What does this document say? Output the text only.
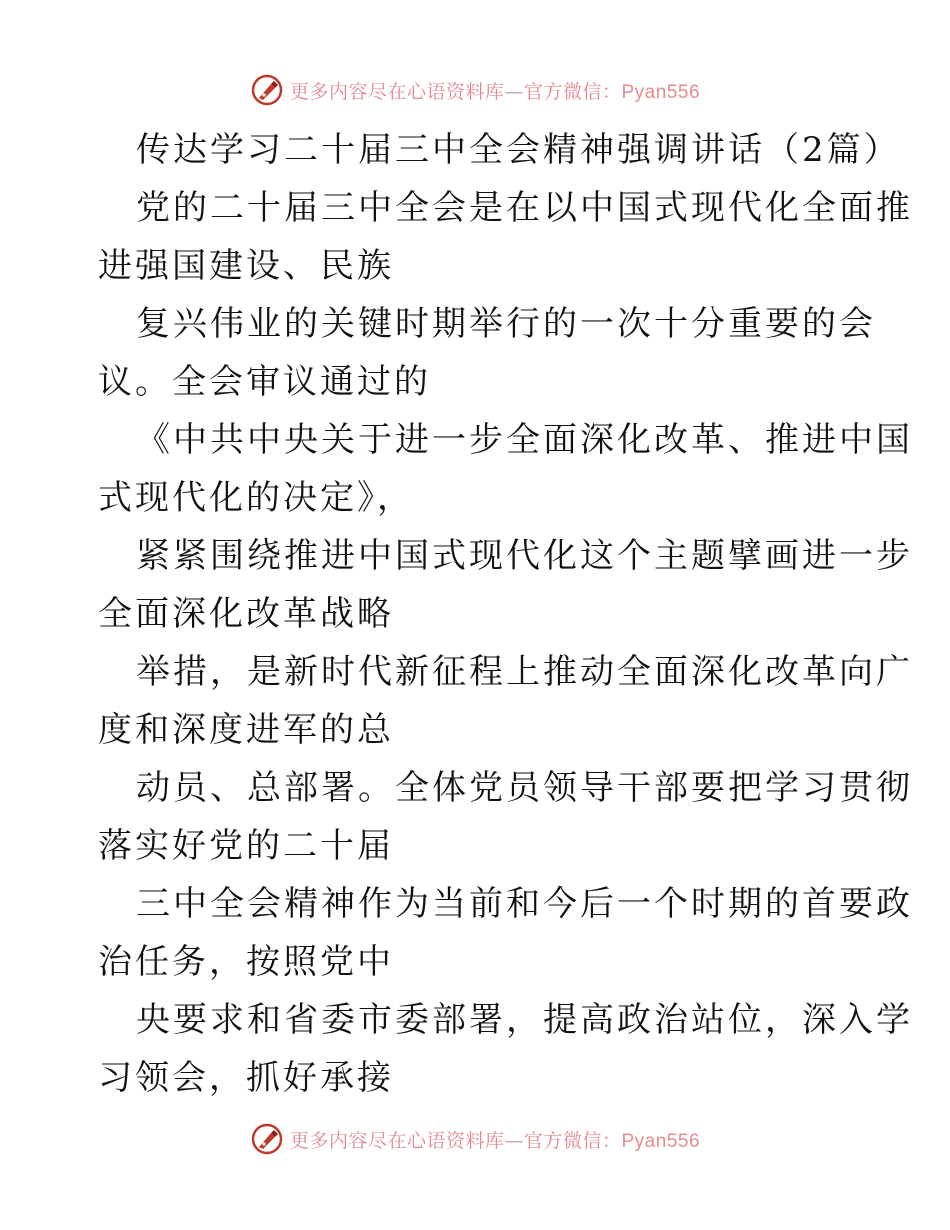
更多内容尽在心语资料库—官方微信：Pyan556
传达学习二十届三中全会精神强调讲话（2篇）
党的二十届三中全会是在以中国式现代化全面推
进强国建设、民族
复兴伟业的关键时期举行的一次十分重要的会
议。全会审议通过的
《中共中央关于进一步全面深化改革、推进中国
式现代化的决定》，
紧紧围绕推进中国式现代化这个主题擘画进一步
全面深化改革战略
举措，是新时代新征程上推动全面深化改革向广
度和深度进军的总
动员、总部署。全体党员领导干部要把学习贯彻
落实好党的二十届
三中全会精神作为当前和今后一个时期的首要政
治任务，按照党中
央要求和省委市委部署，提高政治站位，深入学
习领会，抓好承接
更多内容尽在心语资料库—官方微信：Pyan556
